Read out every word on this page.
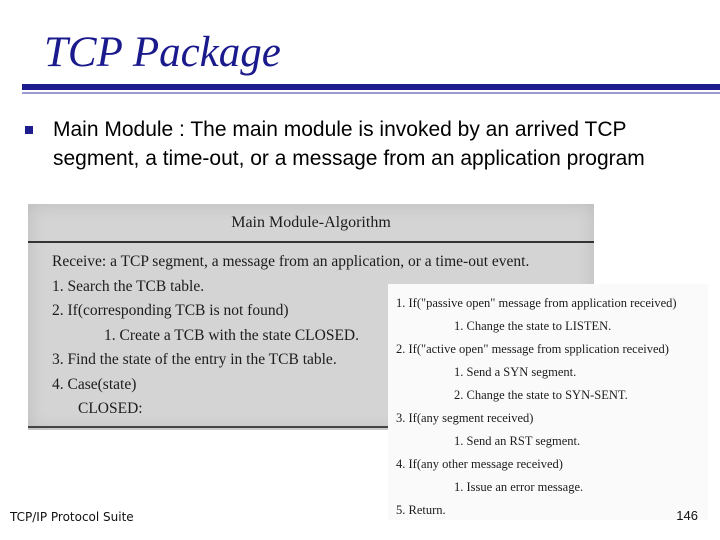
TCP Package
Main Module : The main module is invoked by an arrived TCP segment, a time-out, or a message from an application program
Main Module-Algorithm
Receive: a TCP segment, a message from an application, or a time-out event.
1. Search the TCB table.
2. If(corresponding TCB is not found)
1. Create a TCB with the state CLOSED.
3. Find the state of the entry in the TCB table.
4. Case(state)
CLOSED:
1. If("passive open" message from application received)
1. Change the state to LISTEN.
2. If("active open" message from spplication received)
1. Send a SYN segment.
2. Change the state to SYN-SENT.
3. If(any segment received)
1. Send an RST segment.
4. If(any other message received)
1. Issue an error message.
5. Return.
TCP/IP Protocol Suite	146
